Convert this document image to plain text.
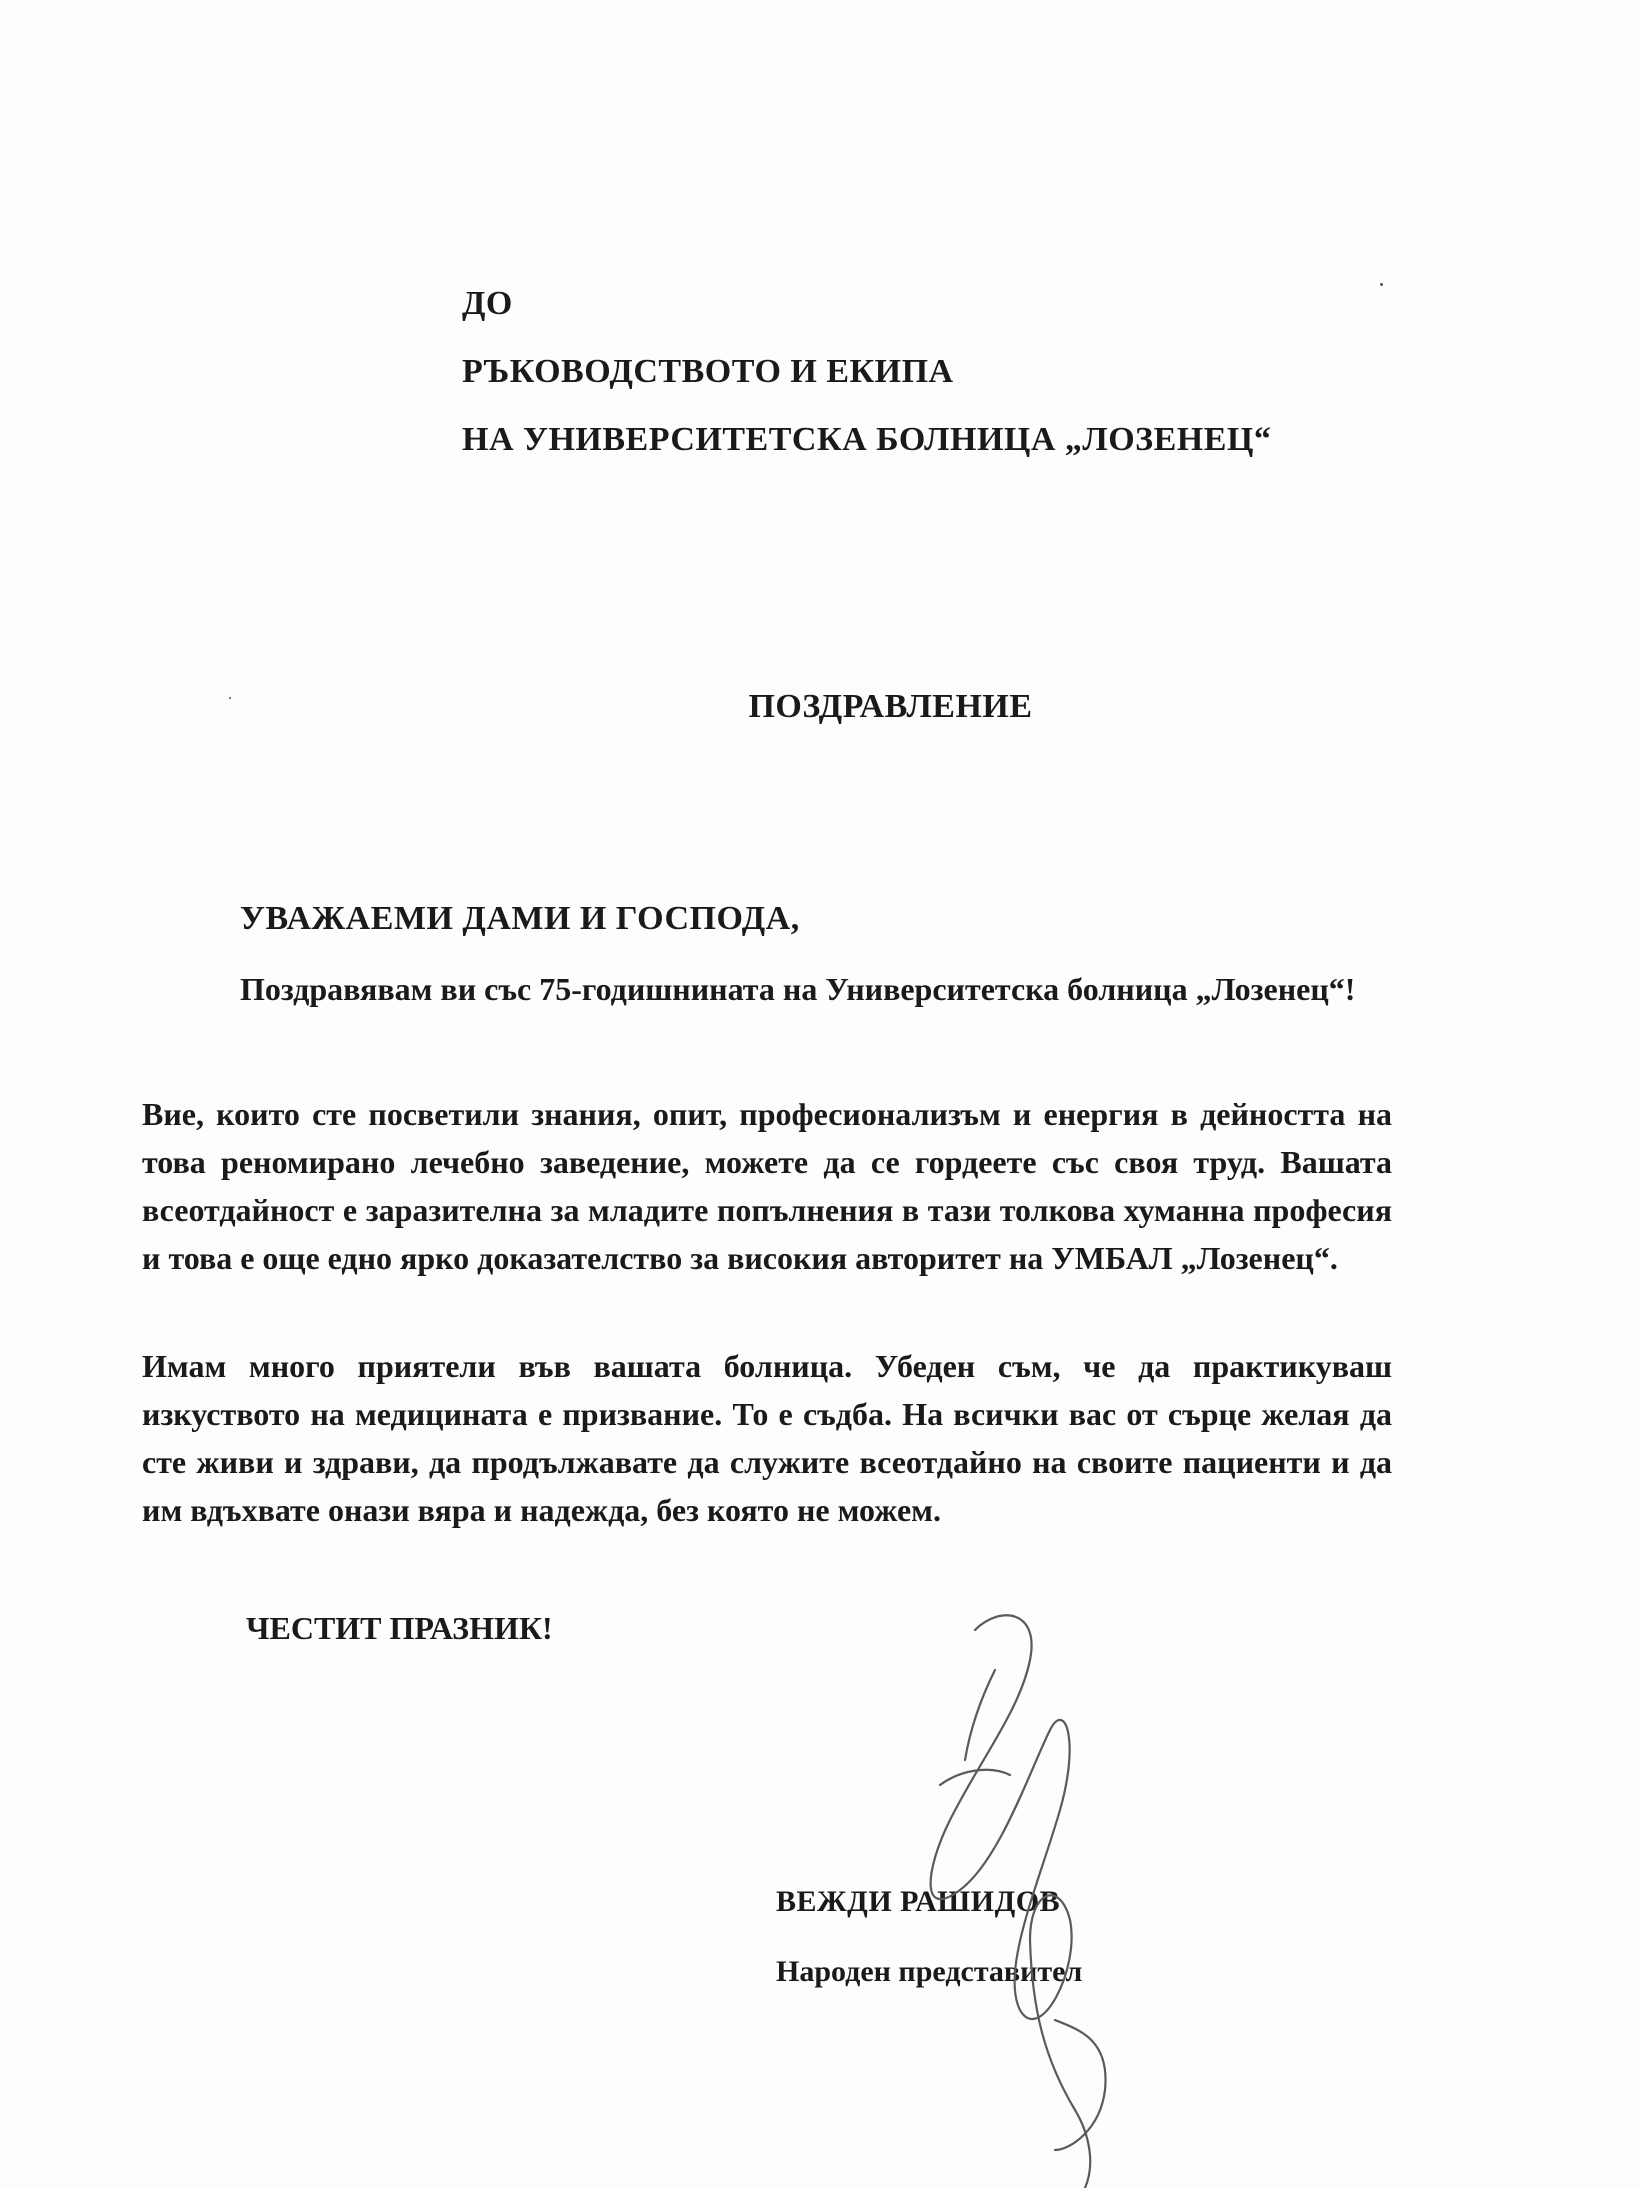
ДО
РЪКОВОДСТВОТО И ЕКИПА
НА УНИВЕРСИТЕТСКА БОЛНИЦА „ЛОЗЕНЕЦ“
ПОЗДРАВЛЕНИЕ
УВАЖАЕМИ ДАМИ И ГОСПОДА,
Поздравявам ви със 75-годишнината на Университетска болница „Лозенец“!
Вие, които сте посветили знания, опит, професионализъм и енергия в дейността на това реномирано лечебно заведение, можете да се гордеете със своя труд. Вашата всеотдайност е заразителна за младите попълнения в тази толкова хуманна професия и това е още едно ярко доказателство за високия авторитет на УМБАЛ „Лозенец“.
Имам много приятели във вашата болница. Убеден съм, че да практикуваш изкуството на медицината е призвание. То е съдба. На всички вас от сърце желая да сте живи и здрави, да продължавате да служите всеотдайно на своите пациенти и да им вдъхвате онази вяра и надежда, без която не можем.
ЧЕСТИТ ПРАЗНИК!
ВЕЖДИ РАШИДОВ
Народен представител
